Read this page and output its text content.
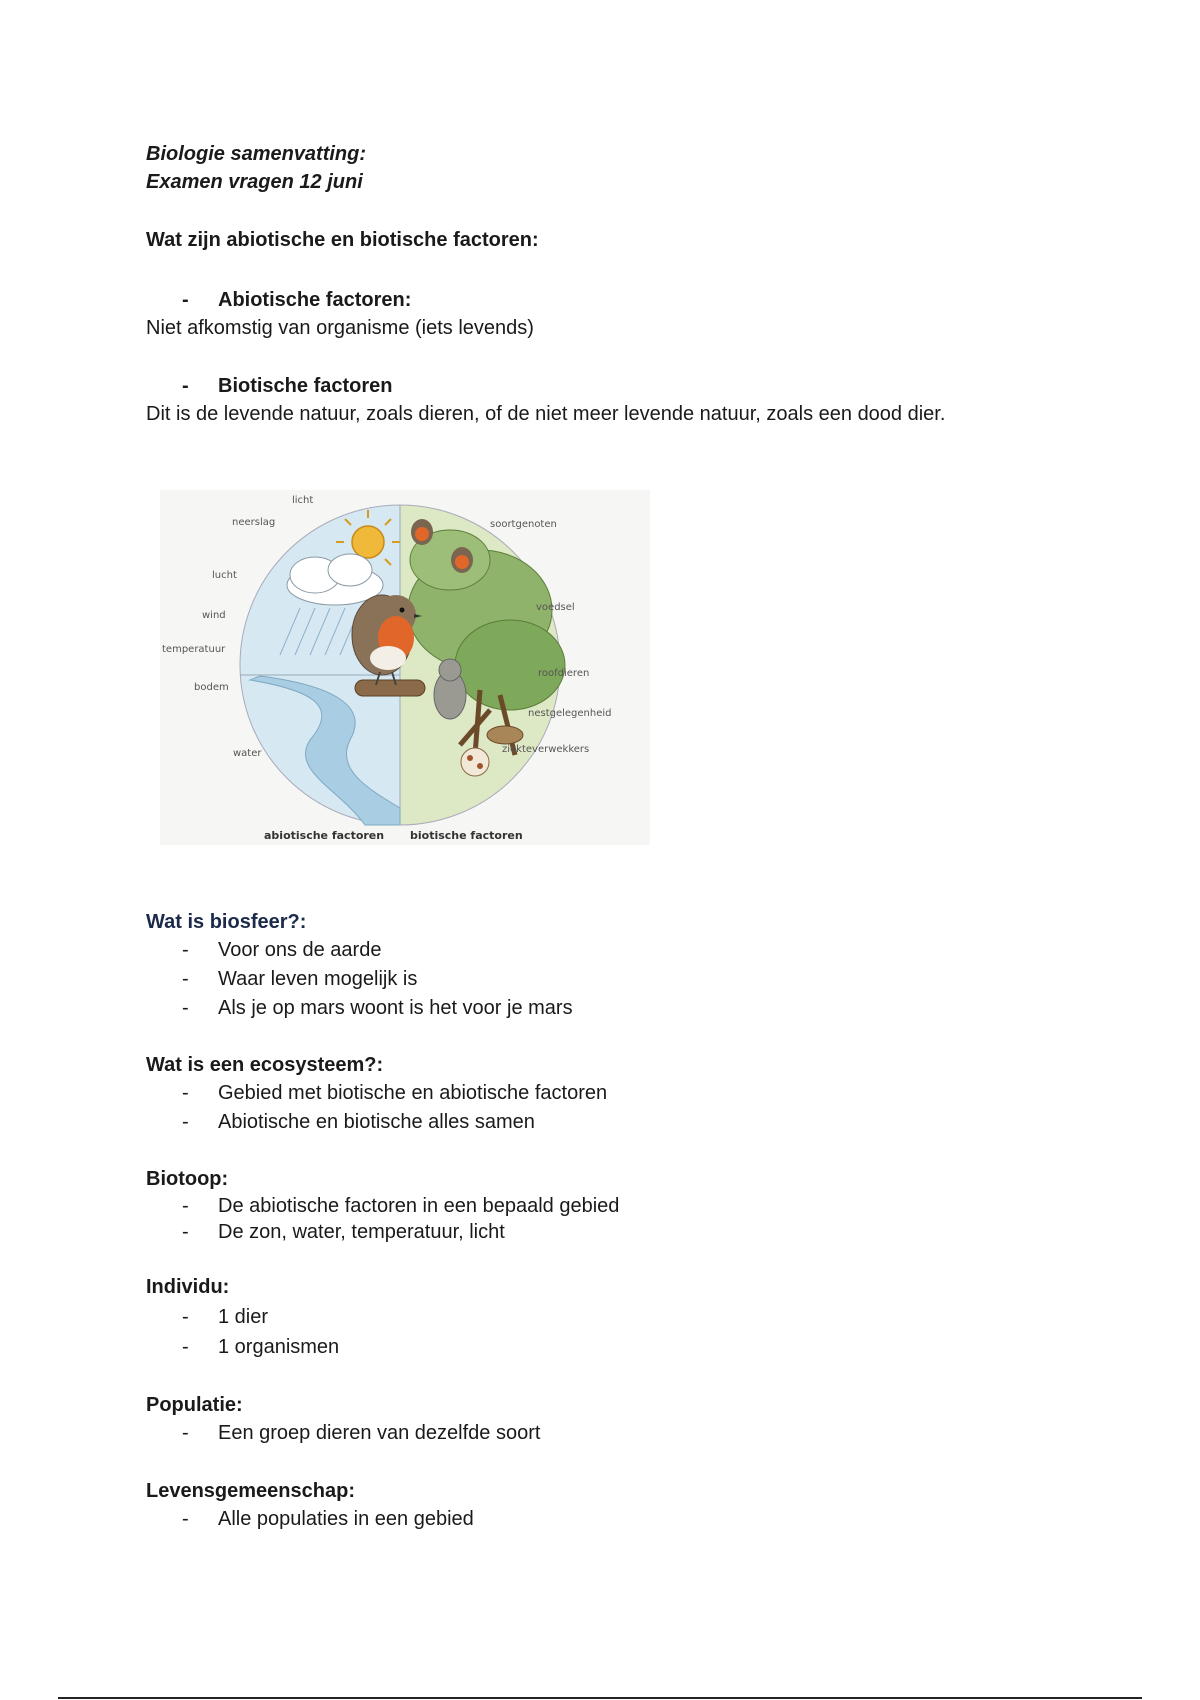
Biologie samenvatting:

Examen vragen 12 juni

Wat zijn abiotische en biotische factoren:

-	Abiotische factoren:

Niet afkomstig van organisme (iets levends)

-	Biotische factoren

Dit is de levende natuur, zoals dieren, of de niet meer levende natuur, zoals een dood dier.

licht
neerslag
lucht
wind
temperatuur
bodem
water
soortgenoten
voedsel
roofdieren
nestgelegenheid
ziekteverwekkers
abiotische factoren biotische factoren

Wat is biosfeer?:

-	Voor ons de aarde
-	Waar leven mogelijk is
-	Als je op mars woont is het voor je mars

Wat is een ecosysteem?:

-	Gebied met biotische en abiotische factoren
-	Abiotische en biotische alles samen

Biotoop:

-	De abiotische factoren in een bepaald gebied
-	De zon, water, temperatuur, licht

Individu:

-	1 dier
-	1 organismen

Populatie:

-	Een groep dieren van dezelfde soort

Levensgemeenschap:

-	Alle populaties in een gebied
